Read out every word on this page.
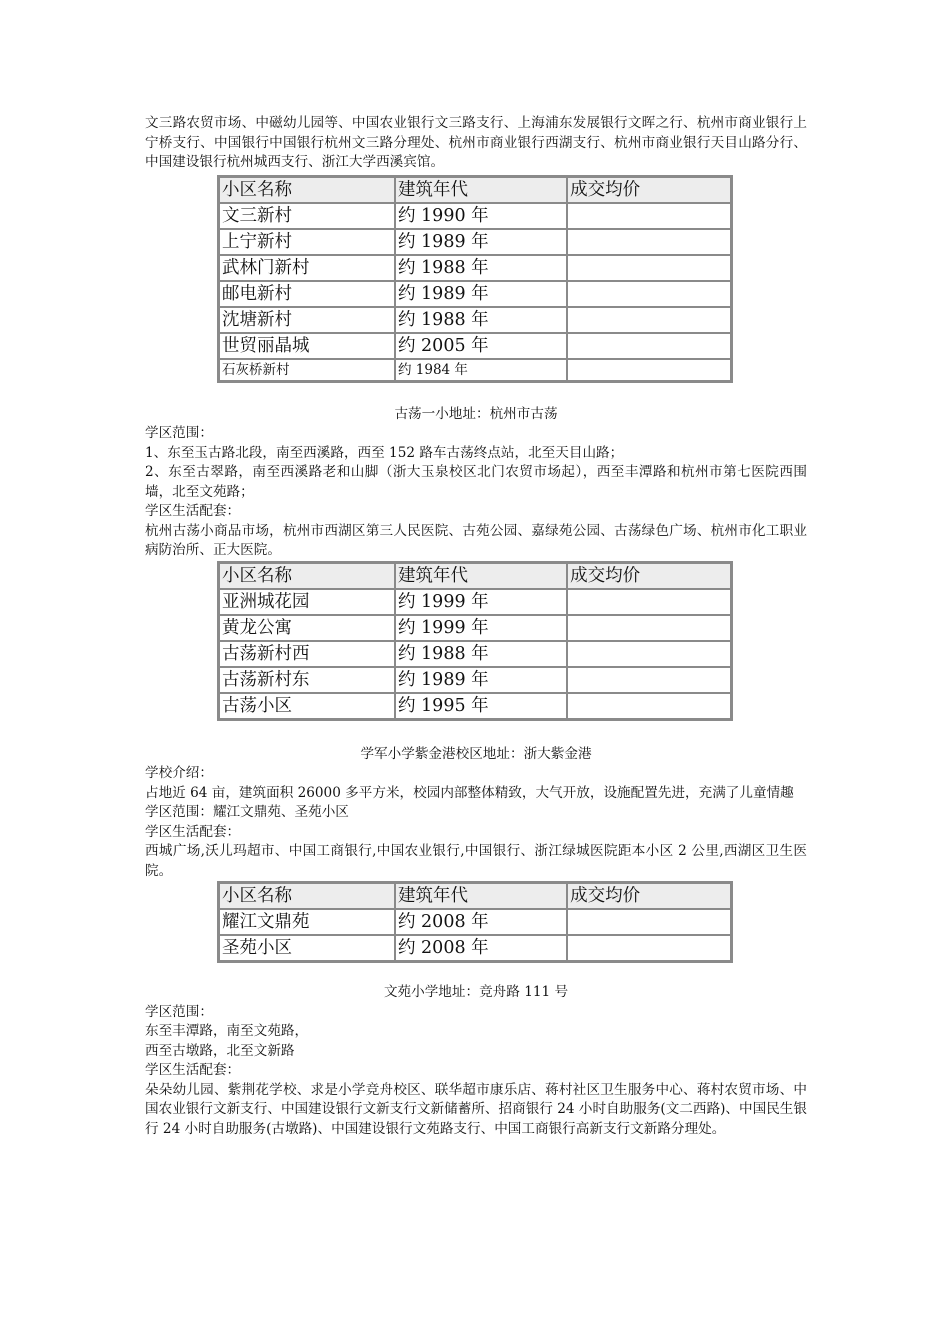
文三路农贸市场、中磁幼儿园等、中国农业银行文三路支行、上海浦东发展银行文晖之行、杭州市商业银行上宁桥支行、中国银行中国银行杭州文三路分理处、杭州市商业银行西湖支行、杭州市商业银行天目山路分行、中国建设银行杭州城西支行、浙江大学西溪宾馆。

小区名称	建筑年代	成交均价
文三新村	约 1990 年	
上宁新村	约 1989 年	
武林门新村	约 1988 年	
邮电新村	约 1989 年	
沈塘新村	约 1988 年	
世贸丽晶城	约 2005 年	
石灰桥新村	约 1984 年	

古荡一小地址：杭州市古荡

学区范围：

1、东至玉古路北段，南至西溪路，西至 152 路车古荡终点站，北至天目山路；

2、东至古翠路，南至西溪路老和山脚（浙大玉泉校区北门农贸市场起），西至丰潭路和杭州市第七医院西围墙，北至文苑路；

学区生活配套：

杭州古荡小商品市场，杭州市西湖区第三人民医院、古苑公园、嘉绿苑公园、古荡绿色广场、杭州市化工职业病防治所、正大医院。

小区名称	建筑年代	成交均价
亚洲城花园	约 1999 年	
黄龙公寓	约 1999 年	
古荡新村西	约 1988 年	
古荡新村东	约 1989 年	
古荡小区	约 1995 年	

学军小学紫金港校区地址：浙大紫金港

学校介绍：

占地近 64 亩，建筑面积 26000 多平方米，校园内部整体精致，大气开放，设施配置先进，充满了儿童情趣

学区范围：耀江文鼎苑、圣苑小区

学区生活配套：

西城广场,沃儿玛超市、中国工商银行,中国农业银行,中国银行、浙江绿城医院距本小区 2 公里,西湖区卫生医院。

小区名称	建筑年代	成交均价
耀江文鼎苑	约 2008 年	
圣苑小区	约 2008 年	

文苑小学地址：竞舟路 111 号

学区范围：

东至丰潭路，南至文苑路，

西至古墩路，北至文新路

学区生活配套：

朵朵幼儿园、紫荆花学校、求是小学竞舟校区、联华超市康乐店、蒋村社区卫生服务中心、蒋村农贸市场、中国农业银行文新支行、中国建设银行文新支行文新储蓄所、招商银行 24 小时自助服务(文二西路)、中国民生银行 24 小时自助服务(古墩路)、中国建设银行文苑路支行、中国工商银行高新支行文新路分理处。
